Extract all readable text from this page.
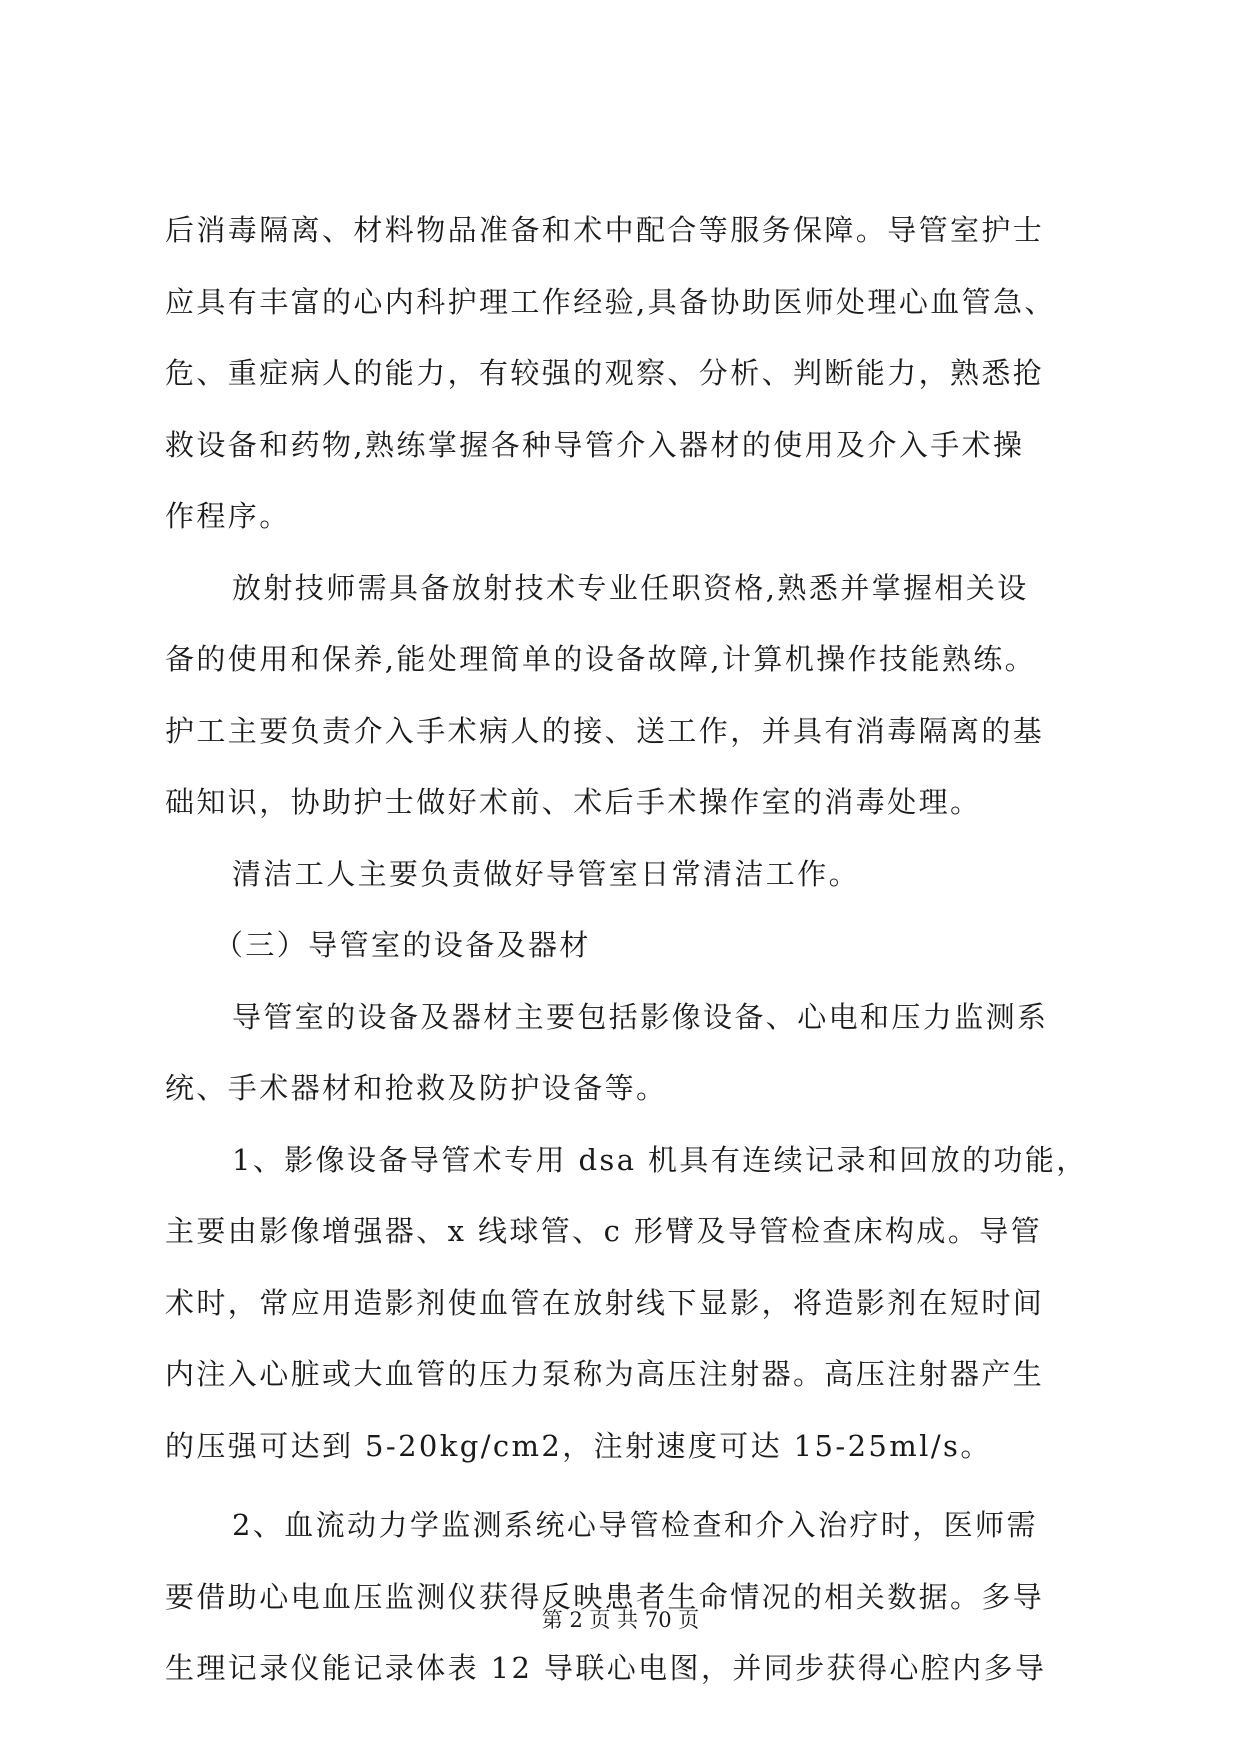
后消毒隔离、材料物品准备和术中配合等服务保障。导管室护士
应具有丰富的心内科护理工作经验,具备协助医师处理心血管急、
危、重症病人的能力，有较强的观察、分析、判断能力，熟悉抢
救设备和药物,熟练掌握各种导管介入器材的使用及介入手术操
作程序。
放射技师需具备放射技术专业任职资格,熟悉并掌握相关设
备的使用和保养,能处理简单的设备故障,计算机操作技能熟练。
护工主要负责介入手术病人的接、送工作，并具有消毒隔离的基
础知识，协助护士做好术前、术后手术操作室的消毒处理。
清洁工人主要负责做好导管室日常清洁工作。
（三）导管室的设备及器材
导管室的设备及器材主要包括影像设备、心电和压力监测系
统、手术器材和抢救及防护设备等。
1、影像设备导管术专用 dsa 机具有连续记录和回放的功能，
主要由影像增强器、x 线球管、c 形臂及导管检查床构成。导管
术时，常应用造影剂使血管在放射线下显影，将造影剂在短时间
内注入心脏或大血管的压力泵称为高压注射器。高压注射器产生
的压强可达到 5-20kg/cm2，注射速度可达 15-25ml/s。
2、血流动力学监测系统心导管检查和介入治疗时，医师需
要借助心电血压监测仪获得反映患者生命情况的相关数据。多导
生理记录仪能记录体表 12 导联心电图，并同步获得心腔内多导
第 2 页 共 70 页
